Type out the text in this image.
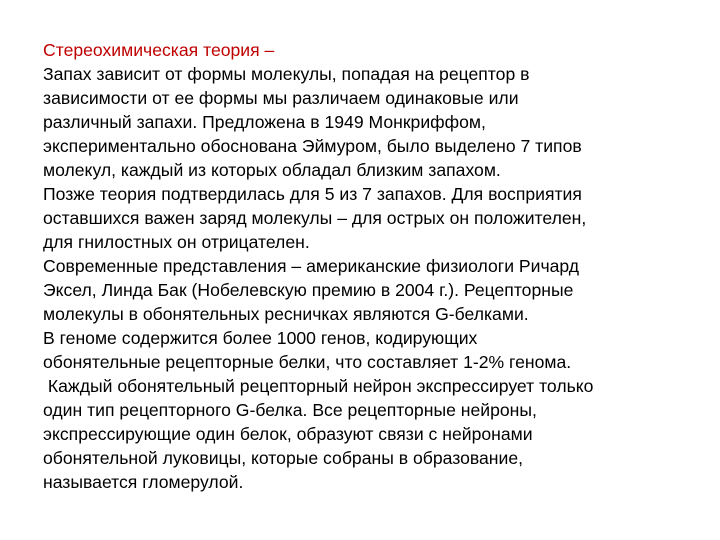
Стереохимическая теория –
Запах зависит от формы молекулы, попадая на рецептор в
зависимости от ее формы мы различаем одинаковые или
различный запахи. Предложена в 1949 Монкриффом,
экспериментально обоснована Эймуром, было выделено 7 типов
молекул, каждый из которых обладал близким запахом.
Позже теория подтвердилась для 5 из 7 запахов. Для восприятия
оставшихся важен заряд молекулы – для острых он положителен,
для гнилостных он отрицателен.
Современные представления – американские физиологи Ричард
Эксел, Линда Бак (Нобелевскую премию в 2004 г.). Рецепторные
молекулы в обонятельных ресничках являются G-белками.
В геноме содержится более 1000 генов, кодирующих
обонятельные рецепторные белки, что составляет 1-2% генома.
Каждый обонятельный рецепторный нейрон экспрессирует только
один тип рецепторного G-белка. Все рецепторные нейроны,
экспрессирующие один белок, образуют связи с нейронами
обонятельной луковицы, которые собраны в образование,
называется гломерулой.
